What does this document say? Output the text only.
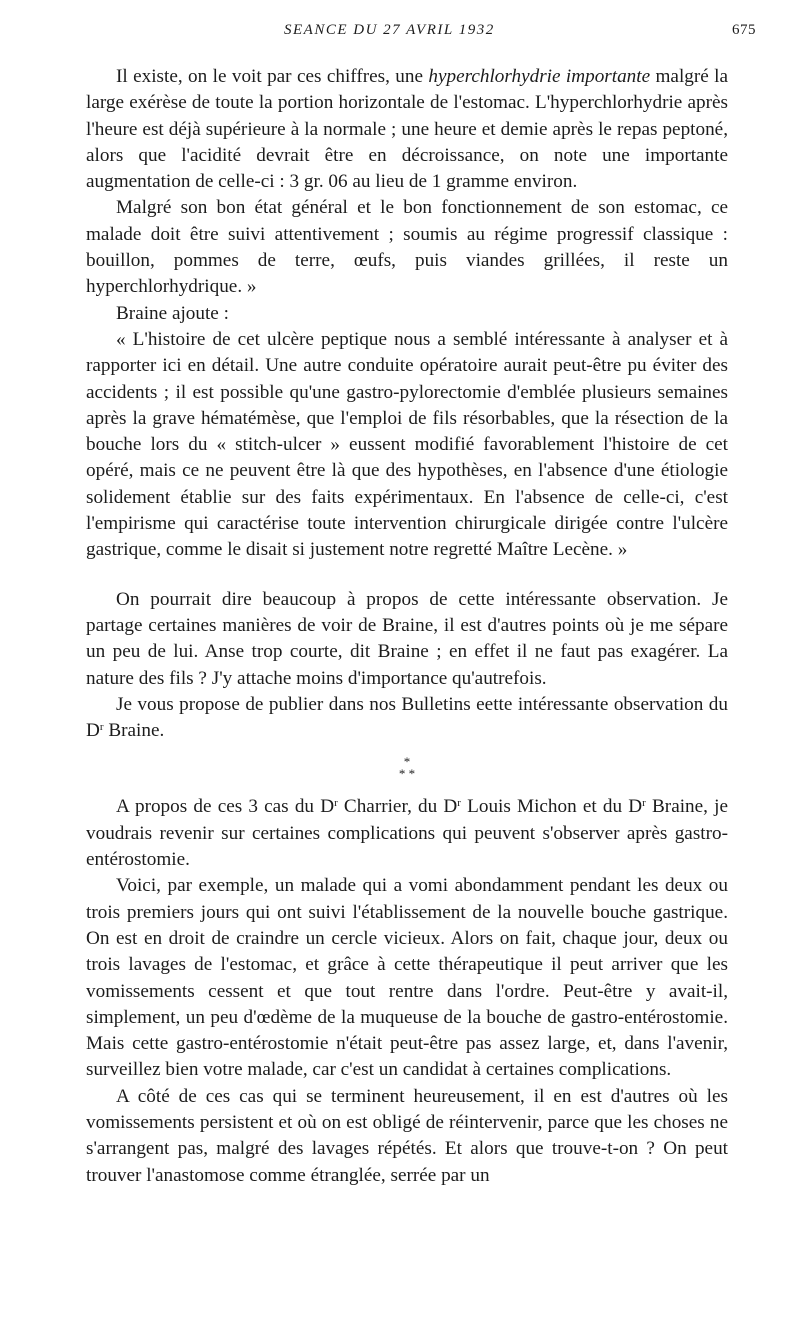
SEANCE DU 27 AVRIL 1932	675

Il existe, on le voit par ces chiffres, une hyperchlorhydrie importante malgré la large exérèse de toute la portion horizontale de l'estomac. L'hyperchlorhydrie après l'heure est déjà supérieure à la normale ; une heure et demie après le repas peptoné, alors que l'acidité devrait être en décroissance, on note une importante augmentation de celle-ci : 3 gr. 06 au lieu de 1 gramme environ.

Malgré son bon état général et le bon fonctionnement de son estomac, ce malade doit être suivi attentivement ; soumis au régime progressif classique : bouillon, pommes de terre, œufs, puis viandes grillées, il reste un hyperchlorhydrique. »

Braine ajoute :

« L'histoire de cet ulcère peptique nous a semblé intéressante à analyser et à rapporter ici en détail. Une autre conduite opératoire aurait peut-être pu éviter des accidents ; il est possible qu'une gastro-pylorectomie d'emblée plusieurs semaines après la grave hématémèse, que l'emploi de fils résorbables, que la résection de la bouche lors du « stitch-ulcer » eussent modifié favorablement l'histoire de cet opéré, mais ce ne peuvent être là que des hypothèses, en l'absence d'une étiologie solidement établie sur des faits expérimentaux. En l'absence de celle-ci, c'est l'empirisme qui caractérise toute intervention chirurgicale dirigée contre l'ulcère gastrique, comme le disait si justement notre regretté Maître Lecène. »

On pourrait dire beaucoup à propos de cette intéressante observation. Je partage certaines manières de voir de Braine, il est d'autres points où je me sépare un peu de lui. Anse trop courte, dit Braine ; en effet il ne faut pas exagérer. La nature des fils ? J'y attache moins d'importance qu'autrefois.

Je vous propose de publier dans nos Bulletins eette intéressante observation du $D^r$ Braine.

*
* *

A propos de ces 3 cas du $D^r$ Charrier, du $D^r$ Louis Michon et du $D^r$ Braine, je voudrais revenir sur certaines complications qui peuvent s'observer après gastro-entérostomie.

Voici, par exemple, un malade qui a vomi abondamment pendant les deux ou trois premiers jours qui ont suivi l'établissement de la nouvelle bouche gastrique. On est en droit de craindre un cercle vicieux. Alors on fait, chaque jour, deux ou trois lavages de l'estomac, et grâce à cette thérapeutique il peut arriver que les vomissements cessent et que tout rentre dans l'ordre. Peut-être y avait-il, simplement, un peu d'œdème de la muqueuse de la bouche de gastro-entérostomie. Mais cette gastro-entérostomie n'était peut-être pas assez large, et, dans l'avenir, surveillez bien votre malade, car c'est un candidat à certaines complications.

A côté de ces cas qui se terminent heureusement, il en est d'autres où les vomissements persistent et où on est obligé de réintervenir, parce que les choses ne s'arrangent pas, malgré des lavages répétés. Et alors que trouve-t-on ? On peut trouver l'anastomose comme étranglée, serrée par un
